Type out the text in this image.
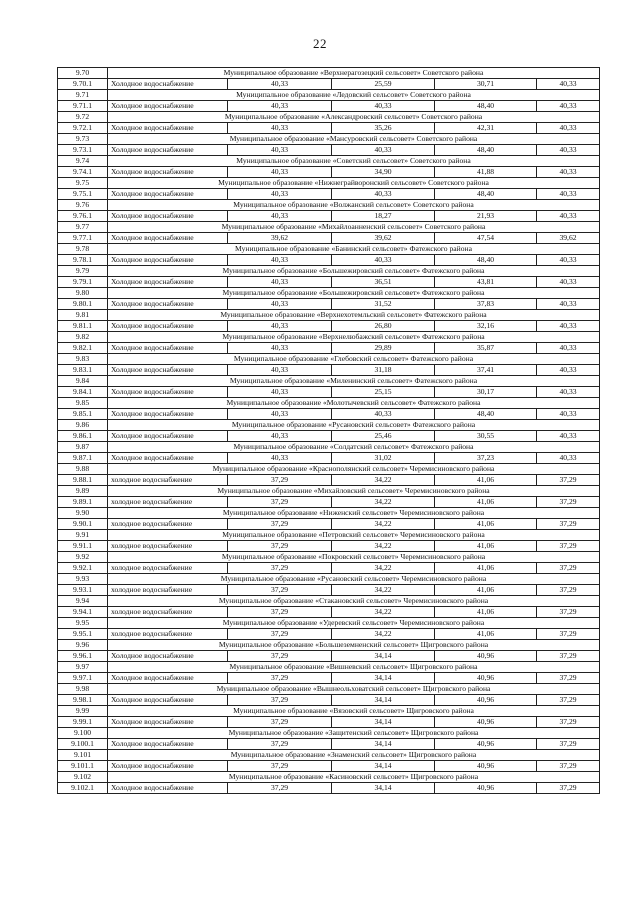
22
9.70	Муниципальное образование «Верхнерагозецкий сельсовет» Советского района				
9.70.1	Холодное водоснабжение	40,33	25,59	30,71	40,33
9.71	Муниципальное образование «Ледовский сельсовет» Советского района				
9.71.1	Холодное водоснабжение	40,33	40,33	48,40	40,33
9.72	Муниципальное образование «Александровский сельсовет» Советского района				
9.72.1	Холодное водоснабжение	40,33	35,26	42,31	40,33
9.73	Муниципальное образование «Мансуровский сельсовет» Советского района				
9.73.1	Холодное водоснабжение	40,33	40,33	48,40	40,33
9.74	Муниципальное образование «Советский сельсовет» Советского района				
9.74.1	Холодное водоснабжение	40,33	34,90	41,88	40,33
9.75	Муниципальное образование «Нижнеграйворонский сельсовет» Советского района				
9.75.1	Холодное водоснабжение	40,33	40,33	48,40	40,33
9.76	Муниципальное образование «Волжанский сельсовет» Советского района				
9.76.1	Холодное водоснабжение	40,33	18,27	21,93	40,33
9.77	Муниципальное образование «Михайлоанненский сельсовет» Советского района				
9.77.1	Холодное водоснабжение	39,62	39,62	47,54	39,62
9.78	Муниципальное образование «Банинский сельсовет» Фатежского района				
9.78.1	Холодное водоснабжение	40,33	40,33	48,40	40,33
9.79	Муниципальное образование «Большежировский сельсовет» Фатежского района				
9.79.1	Холодное водоснабжение	40,33	36,51	43,81	40,33
9.80	Муниципальное образование «Большежировский сельсовет» Фатежского района				
9.80.1	Холодное водоснабжение	40,33	31,52	37,83	40,33
9.81	Муниципальное образование «Верхнехотемльский сельсовет» Фатежского района				
9.81.1	Холодное водоснабжение	40,33	26,80	32,16	40,33
9.82	Муниципальное образование «Верхнелюбажский сельсовет» Фатежского района				
9.82.1	Холодное водоснабжение	40,33	29,89	35,87	40,33
9.83	Муниципальное образование «Глебовский сельсовет» Фатежского района				
9.83.1	Холодное водоснабжение	40,33	31,18	37,41	40,33
9.84	Муниципальное образование «Миленинский сельсовет» Фатежского района				
9.84.1	Холодное водоснабжение	40,33	25,15	30,17	40,33
9.85	Муниципальное образование «Молотычевский сельсовет» Фатежского района				
9.85.1	Холодное водоснабжение	40,33	40,33	48,40	40,33
9.86	Муниципальное образование «Русановский сельсовет» Фатежского района				
9.86.1	Холодное водоснабжение	40,33	25,46	30,55	40,33
9.87	Муниципальное образование «Солдатский сельсовет» Фатежского района				
9.87.1	Холодное водоснабжение	40,33	31,02	37,23	40,33
9.88	Муниципальное образование «Краснополянский сельсовет» Черемисиновского района				
9.88.1	холодное водоснабжение	37,29	34,22	41,06	37,29
9.89	Муниципальное образование «Михайловский сельсовет» Черемисиновского района				
9.89.1	холодное водоснабжение	37,29	34,22	41,06	37,29
9.90	Муниципальное образование «Ниженский сельсовет» Черемисиновского района				
9.90.1	холодное водоснабжение	37,29	34,22	41,06	37,29
9.91	Муниципальное образование «Петровский сельсовет» Черемисиновского района				
9.91.1	холодное водоснабжение	37,29	34,22	41,06	37,29
9.92	Муниципальное образование «Покровский сельсовет» Черемисиновского района				
9.92.1	холодное водоснабжение	37,29	34,22	41,06	37,29
9.93	Муниципальное образование «Русановский сельсовет» Черемисиновского района				
9.93.1	холодное водоснабжение	37,29	34,22	41,06	37,29
9.94	Муниципальное образование «Стакановский сельсовет» Черемисиновского района				
9.94.1	холодное водоснабжение	37,29	34,22	41,06	37,29
9.95	Муниципальное образование «Удеревский сельсовет» Черемисиновского района				
9.95.1	холодное водоснабжение	37,29	34,22	41,06	37,29
9.96	Муниципальное образование «Большеземненский сельсовет» Щигровского района				
9.96.1	Холодное водоснабжение	37,29	34,14	40,96	37,29
9.97	Муниципальное образование «Вишневский сельсовет» Щигровского района				
9.97.1	Холодное водоснабжение	37,29	34,14	40,96	37,29
9.98	Муниципальное образование «Вышнеольховатский сельсовет» Щигровского района				
9.98.1	Холодное водоснабжение	37,29	34,14	40,96	37,29
9.99	Муниципальное образование «Вязовский сельсовет» Щигровского района				
9.99.1	Холодное водоснабжение	37,29	34,14	40,96	37,29
9.100	Муниципальное образование «Защитенский сельсовет» Щигровского района				
9.100.1	Холодное водоснабжение	37,29	34,14	40,96	37,29
9.101	Муниципальное образование «Знаменский сельсовет» Щигровского района				
9.101.1	Холодное водоснабжение	37,29	34,14	40,96	37,29
9.102	Муниципальное образование «Касиновский сельсовет» Щигровского района				
9.102.1	Холодное водоснабжение	37,29	34,14	40,96	37,29
